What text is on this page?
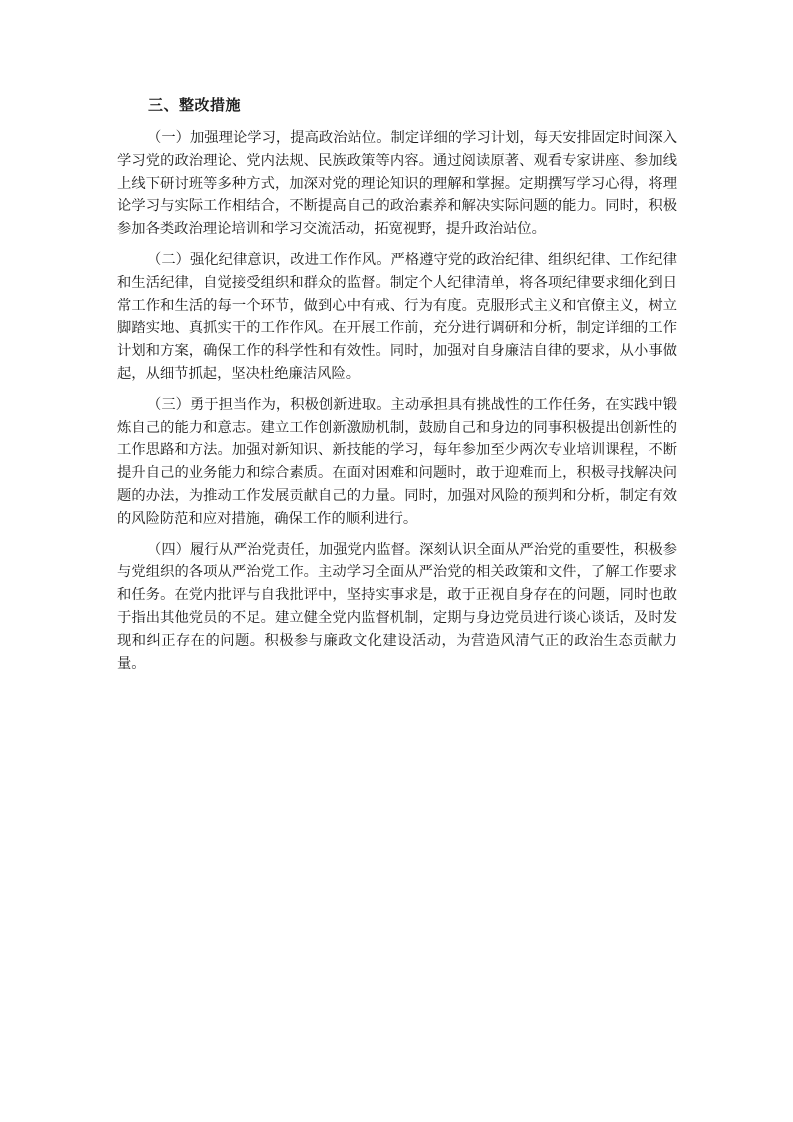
三、整改措施

（一）加强理论学习，提高政治站位。制定详细的学习计划，每天安排固定时间深入学习党的政治理论、党内法规、民族政策等内容。通过阅读原著、观看专家讲座、参加线上线下研讨班等多种方式，加深对党的理论知识的理解和掌握。定期撰写学习心得，将理论学习与实际工作相结合，不断提高自己的政治素养和解决实际问题的能力。同时，积极参加各类政治理论培训和学习交流活动，拓宽视野，提升政治站位。

（二）强化纪律意识，改进工作作风。严格遵守党的政治纪律、组织纪律、工作纪律和生活纪律，自觉接受组织和群众的监督。制定个人纪律清单，将各项纪律要求细化到日常工作和生活的每一个环节，做到心中有戒、行为有度。克服形式主义和官僚主义，树立脚踏实地、真抓实干的工作作风。在开展工作前，充分进行调研和分析，制定详细的工作计划和方案，确保工作的科学性和有效性。同时，加强对自身廉洁自律的要求，从小事做起，从细节抓起，坚决杜绝廉洁风险。

（三）勇于担当作为，积极创新进取。主动承担具有挑战性的工作任务，在实践中锻炼自己的能力和意志。建立工作创新激励机制，鼓励自己和身边的同事积极提出创新性的工作思路和方法。加强对新知识、新技能的学习，每年参加至少两次专业培训课程，不断提升自己的业务能力和综合素质。在面对困难和问题时，敢于迎难而上，积极寻找解决问题的办法，为推动工作发展贡献自己的力量。同时，加强对风险的预判和分析，制定有效的风险防范和应对措施，确保工作的顺利进行。

（四）履行从严治党责任，加强党内监督。深刻认识全面从严治党的重要性，积极参与党组织的各项从严治党工作。主动学习全面从严治党的相关政策和文件，了解工作要求和任务。在党内批评与自我批评中，坚持实事求是，敢于正视自身存在的问题，同时也敢于指出其他党员的不足。建立健全党内监督机制，定期与身边党员进行谈心谈话，及时发现和纠正存在的问题。积极参与廉政文化建设活动，为营造风清气正的政治生态贡献力量。
